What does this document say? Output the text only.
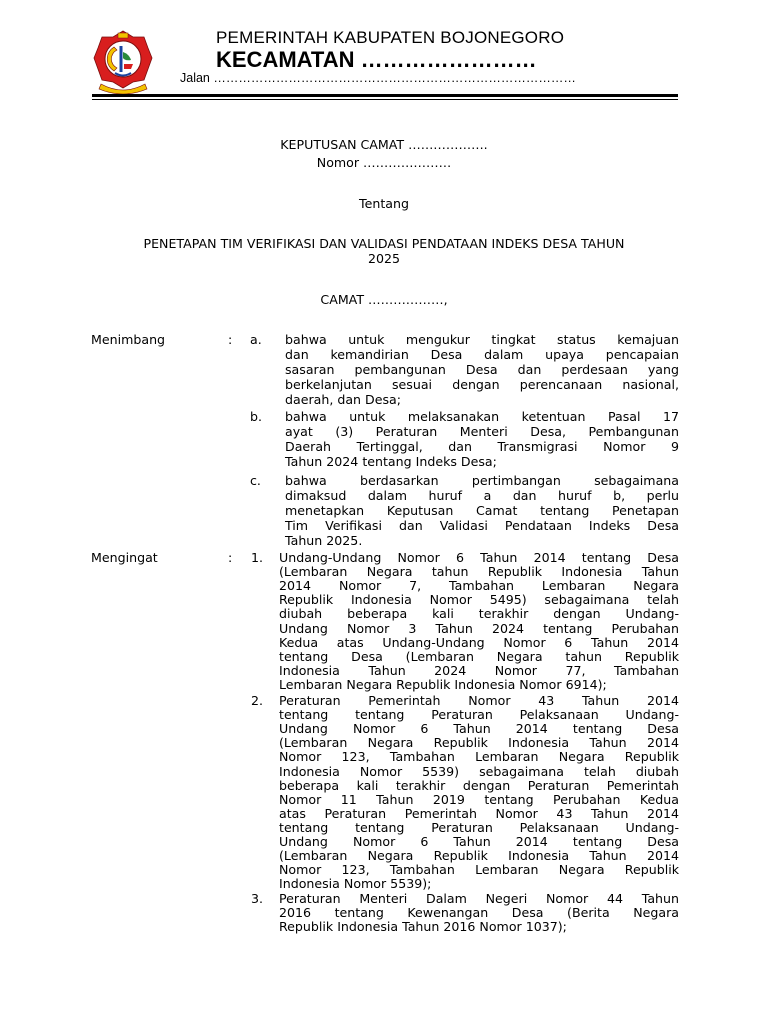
PEMERINTAH KABUPATEN BOJONEGORO
KECAMATAN ……………………
Jalan ……………………………………………………………………………
KEPUTUSAN CAMAT ……………….
Nomor …………………
Tentang
PENETAPAN TIM VERIFIKASI DAN VALIDASI PENDATAAN INDEKS DESA TAHUN
2025
CAMAT ………………,
Menimbang	: a. bahwa untuk mengukur tingkat status kemajuan
dan kemandirian Desa dalam upaya pencapaian
sasaran pembangunan Desa dan perdesaan yang
berkelanjutan sesuai dengan perencanaan nasional,
daerah, dan Desa;
b. bahwa untuk melaksanakan ketentuan Pasal 17
ayat (3) Peraturan Menteri Desa, Pembangunan
Daerah Tertinggal, dan Transmigrasi Nomor 9
Tahun 2024 tentang Indeks Desa;
c. bahwa berdasarkan pertimbangan sebagaimana
dimaksud dalam huruf a dan huruf b, perlu
menetapkan Keputusan Camat tentang Penetapan
Tim Verifikasi dan Validasi Pendataan Indeks Desa
Tahun 2025.
Mengingat	: 1. Undang-Undang Nomor 6 Tahun 2014 tentang Desa
(Lembaran Negara tahun Republik Indonesia Tahun
2014 Nomor 7, Tambahan Lembaran Negara
Republik Indonesia Nomor 5495) sebagaimana telah
diubah beberapa kali terakhir dengan Undang-
Undang Nomor 3 Tahun 2024 tentang Perubahan
Kedua atas Undang-Undang Nomor 6 Tahun 2014
tentang Desa (Lembaran Negara tahun Republik
Indonesia Tahun 2024 Nomor 77, Tambahan
Lembaran Negara Republik Indonesia Nomor 6914);
2. Peraturan Pemerintah Nomor 43 Tahun 2014
tentang tentang Peraturan Pelaksanaan Undang-
Undang Nomor 6 Tahun 2014 tentang Desa
(Lembaran Negara Republik Indonesia Tahun 2014
Nomor 123, Tambahan Lembaran Negara Republik
Indonesia Nomor 5539) sebagaimana telah diubah
beberapa kali terakhir dengan Peraturan Pemerintah
Nomor 11 Tahun 2019 tentang Perubahan Kedua
atas Peraturan Pemerintah Nomor 43 Tahun 2014
tentang tentang Peraturan Pelaksanaan Undang-
Undang Nomor 6 Tahun 2014 tentang Desa
(Lembaran Negara Republik Indonesia Tahun 2014
Nomor 123, Tambahan Lembaran Negara Republik
Indonesia Nomor 5539);
3. Peraturan Menteri Dalam Negeri Nomor 44 Tahun
2016 tentang Kewenangan Desa (Berita Negara
Republik Indonesia Tahun 2016 Nomor 1037);
